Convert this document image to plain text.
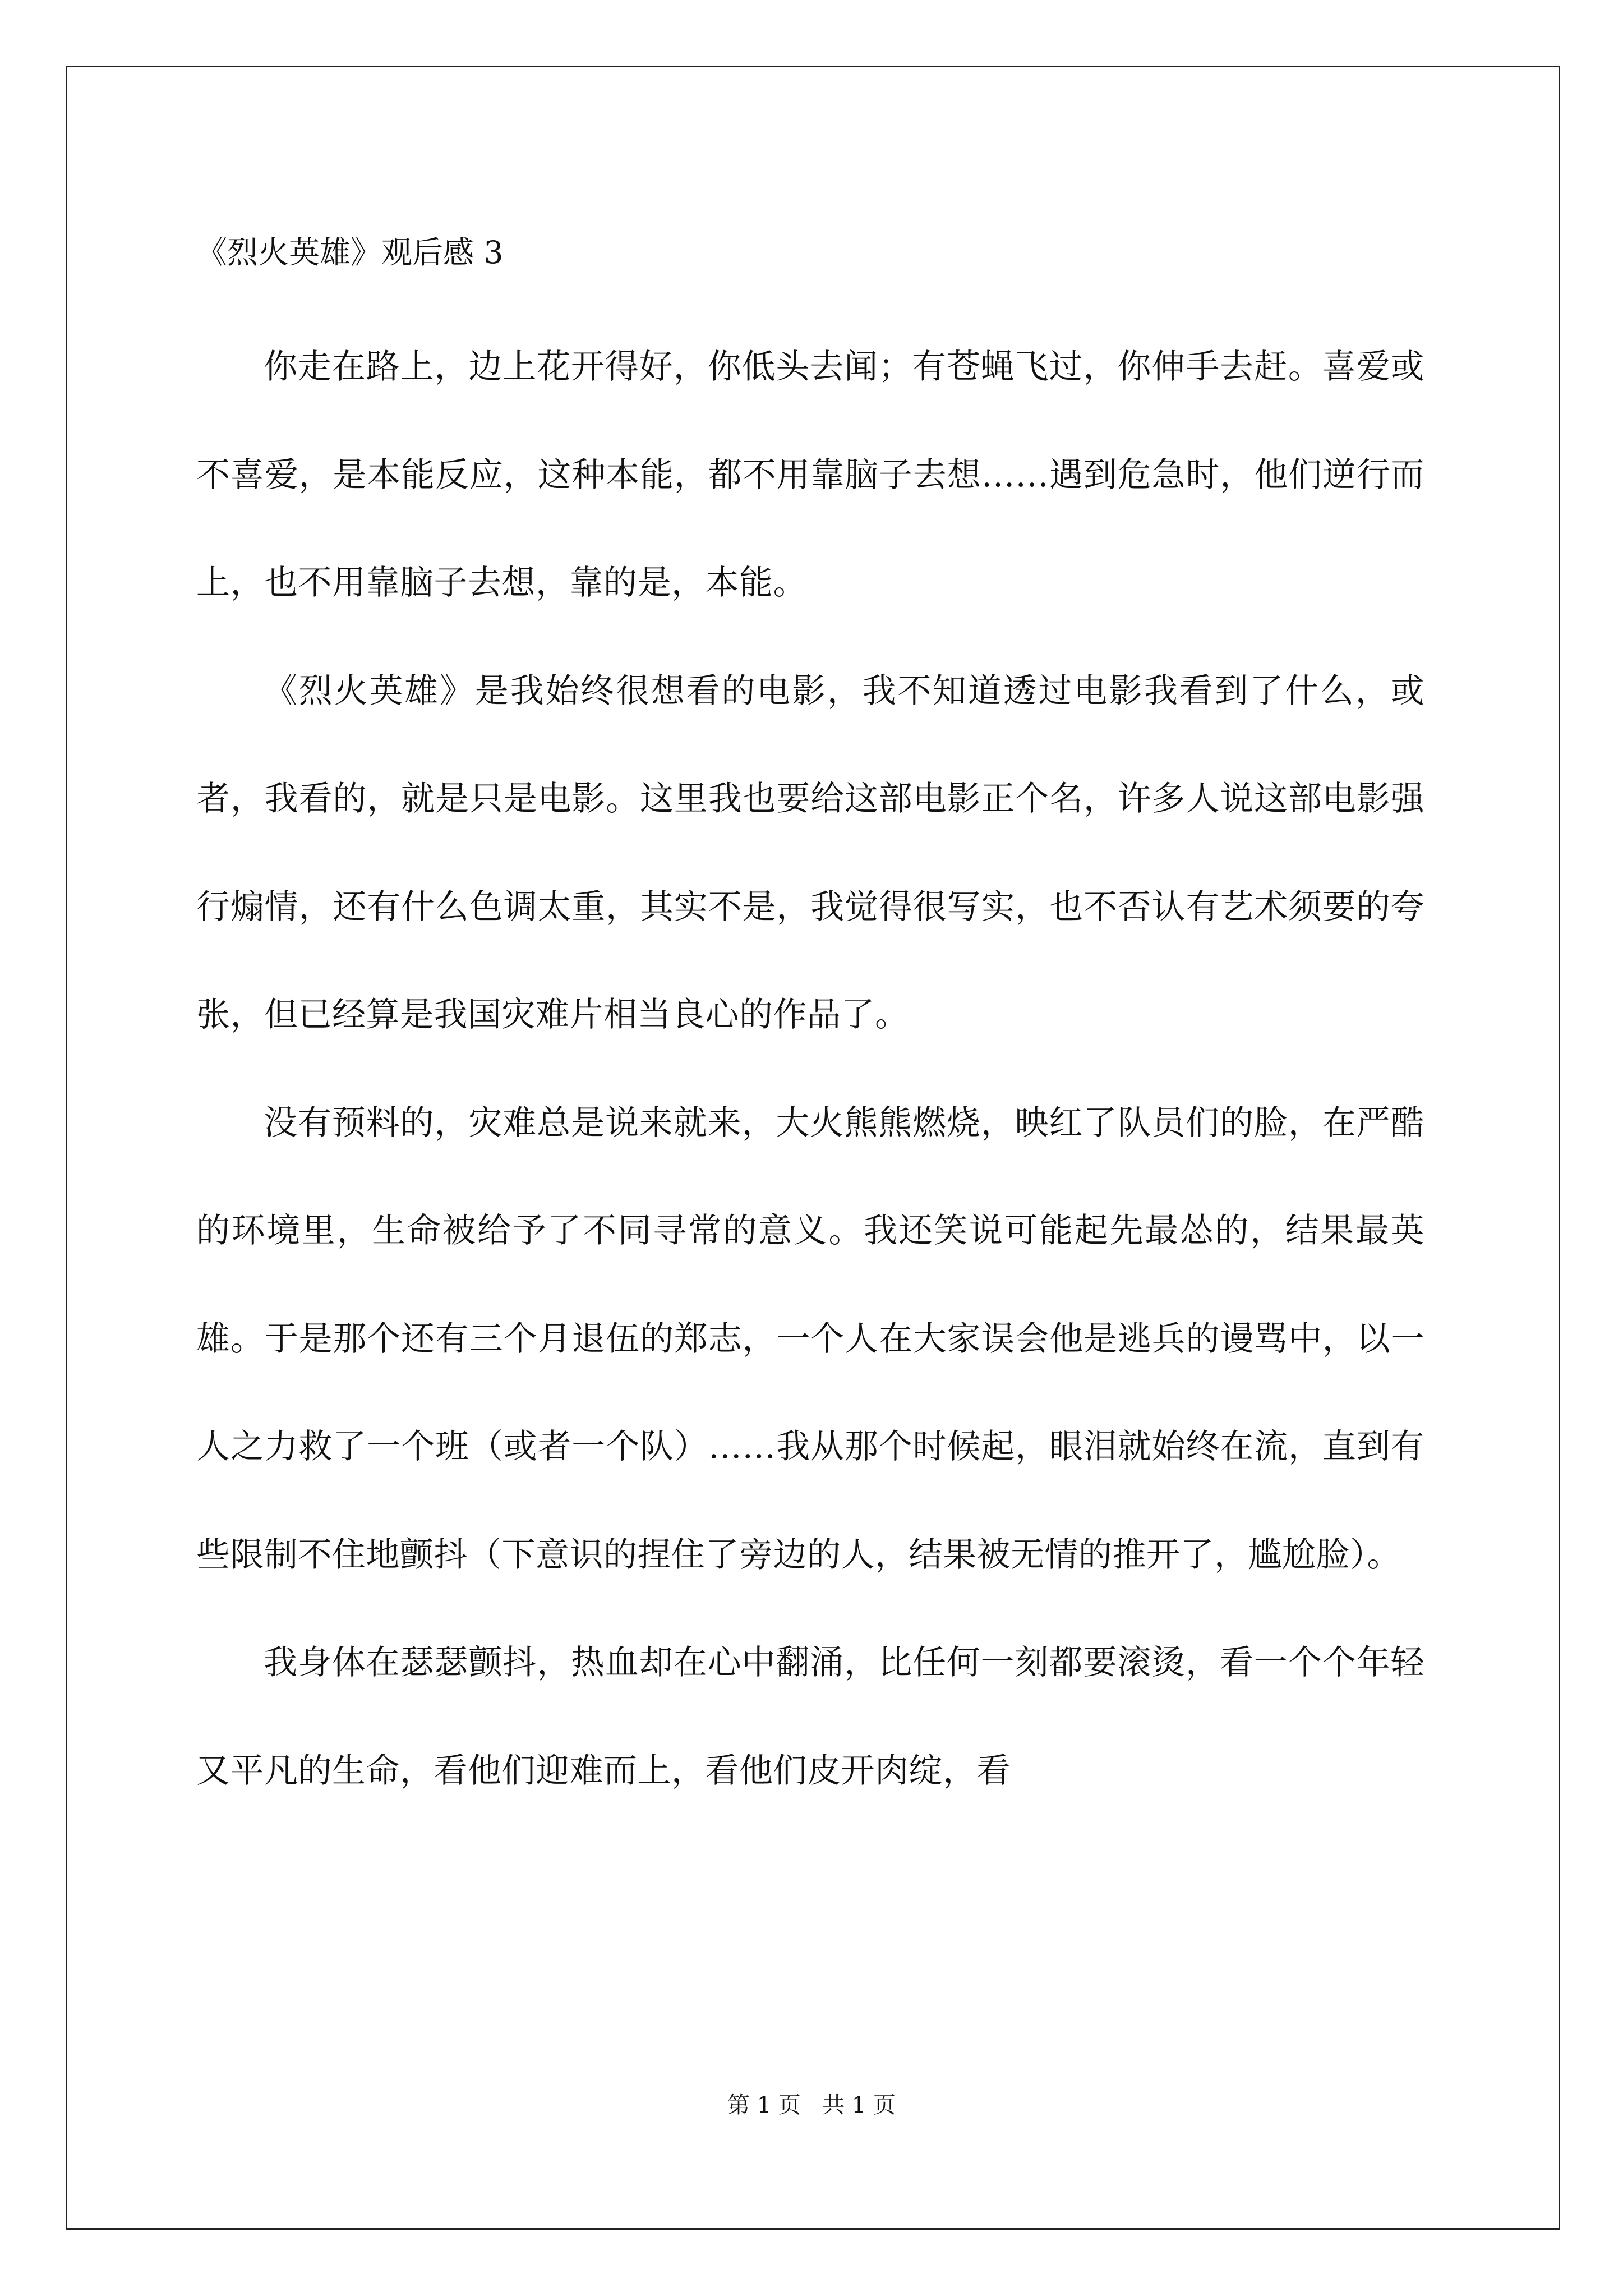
《烈火英雄》观后感 3

你走在路上，边上花开得好，你低头去闻；有苍蝇飞过，你伸手去赶。喜爱或不喜爱，是本能反应，这种本能，都不用靠脑子去想……遇到危急时，他们逆行而上，也不用靠脑子去想，靠的是，本能。

《烈火英雄》是我始终很想看的电影，我不知道透过电影我看到了什么，或者，我看的，就是只是电影。这里我也要给这部电影正个名，许多人说这部电影强行煽情，还有什么色调太重，其实不是，我觉得很写实，也不否认有艺术须要的夸张，但已经算是我国灾难片相当良心的作品了。

没有预料的，灾难总是说来就来，大火熊熊燃烧，映红了队员们的脸，在严酷的环境里，生命被给予了不同寻常的意义。我还笑说可能起先最怂的，结果最英雄。于是那个还有三个月退伍的郑志，一个人在大家误会他是逃兵的谩骂中，以一人之力救了一个班（或者一个队）……我从那个时候起，眼泪就始终在流，直到有些限制不住地颤抖（下意识的捏住了旁边的人，结果被无情的推开了，尴尬脸）。

我身体在瑟瑟颤抖，热血却在心中翻涌，比任何一刻都要滚烫，看一个个年轻又平凡的生命，看他们迎难而上，看他们皮开肉绽，看

第 1 页   共 1 页
